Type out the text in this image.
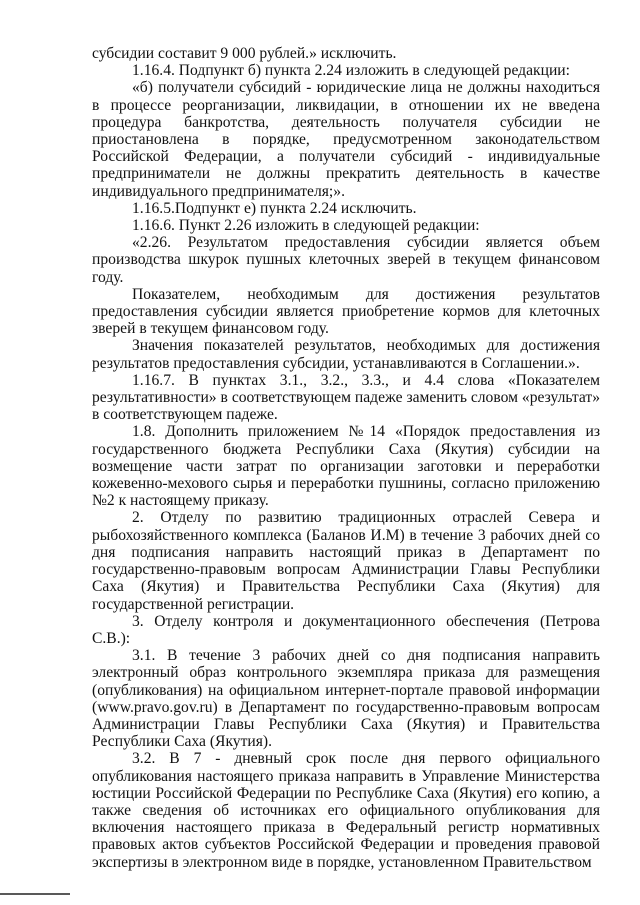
субсидии составит 9 000 рублей.» исключить.

1.16.4. Подпункт б) пункта 2.24 изложить в следующей редакции:

«б) получатели субсидий - юридические лица не должны находиться в процессе реорганизации, ликвидации, в отношении их не введена процедура банкротства, деятельность получателя субсидии не приостановлена в порядке, предусмотренном законодательством Российской Федерации, а получатели субсидий - индивидуальные предприниматели не должны прекратить деятельность в качестве индивидуального предпринимателя;».

1.16.5.Подпункт е) пункта 2.24 исключить.

1.16.6. Пункт 2.26 изложить в следующей редакции:

«2.26. Результатом предоставления субсидии является объем производства шкурок пушных клеточных зверей в текущем финансовом году.

Показателем, необходимым для достижения результатов предоставления субсидии является приобретение кормов для клеточных зверей в текущем финансовом году.

Значения показателей результатов, необходимых для достижения результатов предоставления субсидии, устанавливаются в Соглашении.».

1.16.7. В пунктах 3.1., 3.2., 3.3., и 4.4 слова «Показателем результативности» в соответствующем падеже заменить словом «результат» в соответствующем падеже.

1.8. Дополнить приложением №14 «Порядок предоставления из государственного бюджета Республики Саха (Якутия) субсидии на возмещение части затрат по организации заготовки и переработки кожевенно-мехового сырья и переработки пушнины, согласно приложению №2 к настоящему приказу.

2. Отделу по развитию традиционных отраслей Севера и рыбохозяйственного комплекса (Баланов И.М) в течение 3 рабочих дней со дня подписания направить настоящий приказ в Департамент по государственно-правовым вопросам Администрации Главы Республики Саха (Якутия) и Правительства Республики Саха (Якутия) для государственной регистрации.

3. Отделу контроля и документационного обеспечения (Петрова С.В.):

3.1. В течение 3 рабочих дней со дня подписания направить электронный образ контрольного экземпляра приказа для размещения (опубликования) на официальном интернет-портале правовой информации (www.pravo.gov.ru) в Департамент по государственно-правовым вопросам Администрации Главы Республики Саха (Якутия) и Правительства Республики Саха (Якутия).

3.2. В 7 - дневный срок после дня первого официального опубликования настоящего приказа направить в Управление Министерства юстиции Российской Федерации по Республике Саха (Якутия) его копию, а также сведения об источниках его официального опубликования для включения настоящего приказа в Федеральный регистр нормативных правовых актов субъектов Российской Федерации и проведения правовой экспертизы в электронном виде в порядке, установленном Правительством
